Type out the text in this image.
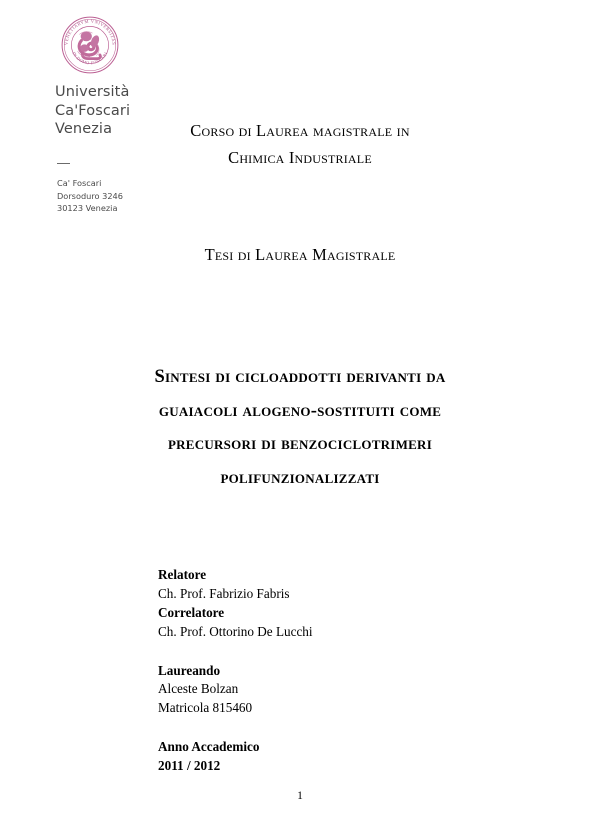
VENETIARVM VNIVERSITAS
IN DOMO FOSCARI
Università
Ca'Foscari
Venezia
Ca' Foscari
Dorsoduro 3246
30123 Venezia
Corso di Laurea magistrale in
Chimica Industriale
Tesi di Laurea Magistrale
Sintesi di cicloaddotti derivanti da
guaiacoli alogeno-sostituiti come
precursori di benzociclotrimeri
polifunzionalizzati
Relatore
Ch. Prof. Fabrizio Fabris
Correlatore
Ch. Prof. Ottorino De Lucchi
Laureando
Alceste Bolzan
Matricola 815460
Anno Accademico
2011 / 2012
1
